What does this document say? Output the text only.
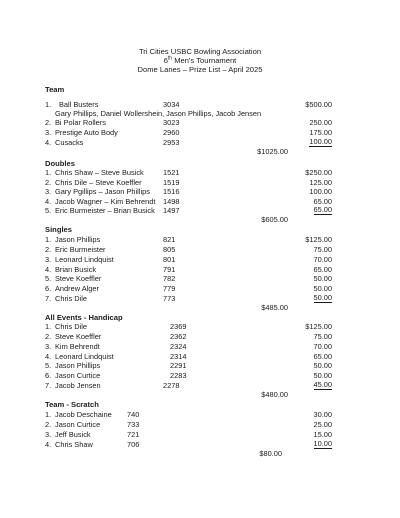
Tri Cities USBC Bowling Association
6th Men's Tournament
Dome Lanes – Prize List – April 2025
Team
1. Ball Busters	3034	$500.00
Gary Phillips, Daniel Wollershein, Jason Phillips, Jacob Jensen
2. Bi Polar Rollers	3023	250.00
3. Prestige Auto Body	2960	175.00
4. Cusacks	2953	100.00
$1025.00
Doubles
1. Chris Shaw – Steve Busick	1521	$250.00
2. Chris Dile – Steve Koeffler	1519	125.00
3. Gary Pgillips – Jason Phillips 1516	100.00
4. Jacob Wagner – Kim Behrendt 1498	65.00
5. Eric Burmeister – Brian Busick 1497	65.00
$605.00
Singles
1. Jason Phillips	821	$125.00
2. Eric Burmeister	805	75.00
3. Leonard Lindquist	801	70.00
4. Brian Busick	791	65.00
5. Steve Koeffler	782	50.00
6. Andrew Alger	779	50.00
7. Chris Dile	773	50.00
$485.00
All Events - Handicap
1. Chris Dile	2369	$125.00
2. Steve Koeffler	2362	75.00
3. Kim Behrendt	2324	70.00
4. Leonard Lindquist	2314	65.00
5. Jason Phillips	2291	50.00
6. Jason Curtice	2283	50.00
7. Jacob Jensen	2278	45.00
$480.00
Team - Scratch
1. Jacob Deschaine 740	30.00
2. Jason Curtice	733	25.00
3. Jeff Busick	721	15.00
4. Chris Shaw	706	10.00
$80.00
